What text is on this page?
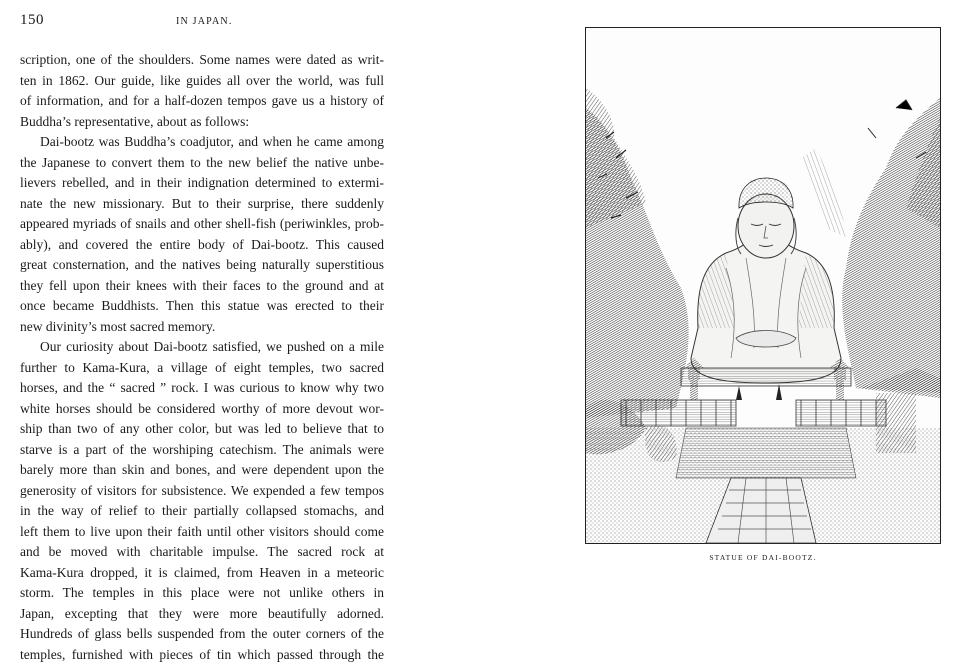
150	IN JAPAN.
scription, one of the shoulders. Some names were dated as writ-
ten in 1862. Our guide, like guides all over the world, was full
of information, and for a half-dozen tempos gave us a history of
Buddha’s representative, about as follows:
Dai-bootz was Buddha’s coadjutor, and when he came among
the Japanese to convert them to the new belief the native unbe-
lievers rebelled, and in their indignation determined to extermi-
nate the new missionary. But to their surprise, there suddenly
appeared myriads of snails and other shell-fish (periwinkles, prob-
ably), and covered the entire body of Dai-bootz. This caused
great consternation, and the natives being naturally superstitious
they fell upon their knees with their faces to the ground and at
once became Buddhists. Then this statue was erected to their
new divinity’s most sacred memory.
Our curiosity about Dai-bootz satisfied, we pushed on a mile
further to Kama-Kura, a village of eight temples, two sacred
horses, and the “ sacred ” rock. I was curious to know why two
white horses should be considered worthy of more devout wor-
ship than two of any other color, but was led to believe that to
starve is a part of the worshiping catechism. The animals were
barely more than skin and bones, and were dependent upon the
generosity of visitors for subsistence. We expended a few tempos
in the way of relief to their partially collapsed stomachs, and
left them to live upon their faith until other visitors should come
and be moved with charitable impulse. The sacred rock at
Kama-Kura dropped, it is claimed, from Heaven in a meteoric
storm. The temples in this place were not unlike others in
Japan, excepting that they were more beautifully adorned.
Hundreds of glass bells suspended from the outer corners of the
temples, furnished with pieces of tin which passed through the
STATUE OF DAI-BOOTZ.
